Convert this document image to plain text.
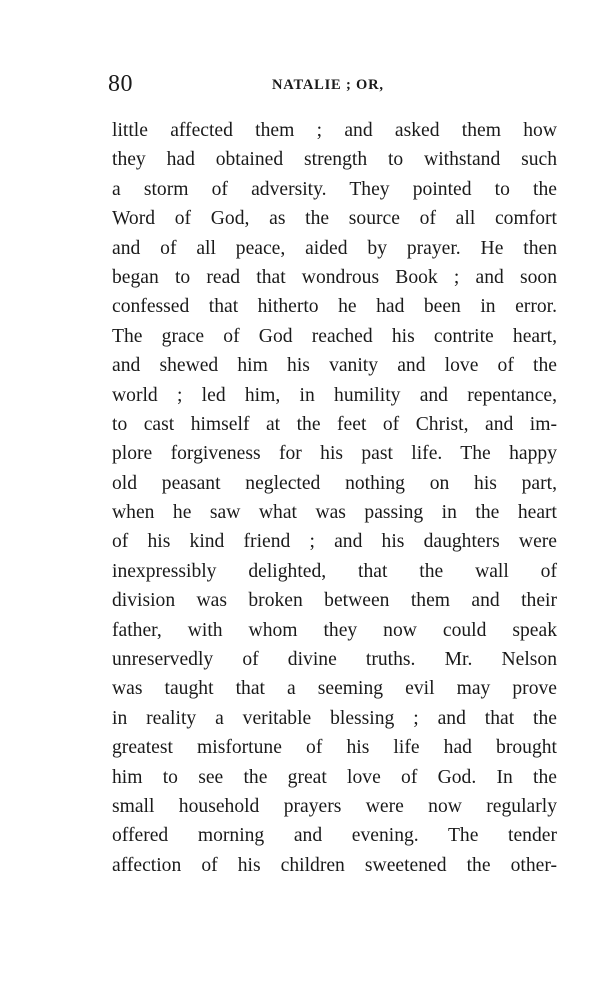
80	NATALIE ; OR,
little affected them ; and asked them how
they had obtained strength to withstand such
a storm of adversity. They pointed to the
Word of God, as the source of all comfort
and of all peace, aided by prayer. He then
began to read that wondrous Book ; and soon
confessed that hitherto he had been in error.
The grace of God reached his contrite heart,
and shewed him his vanity and love of the
world ; led him, in humility and repentance,
to cast himself at the feet of Christ, and im-
plore forgiveness for his past life. The happy
old peasant neglected nothing on his part,
when he saw what was passing in the heart
of his kind friend ; and his daughters were
inexpressibly delighted, that the wall of
division was broken between them and their
father, with whom they now could speak
unreservedly of divine truths. Mr. Nelson
was taught that a seeming evil may prove
in reality a veritable blessing ; and that the
greatest misfortune of his life had brought
him to see the great love of God. In the
small household prayers were now regularly
offered morning and evening. The tender
affection of his children sweetened the other-
